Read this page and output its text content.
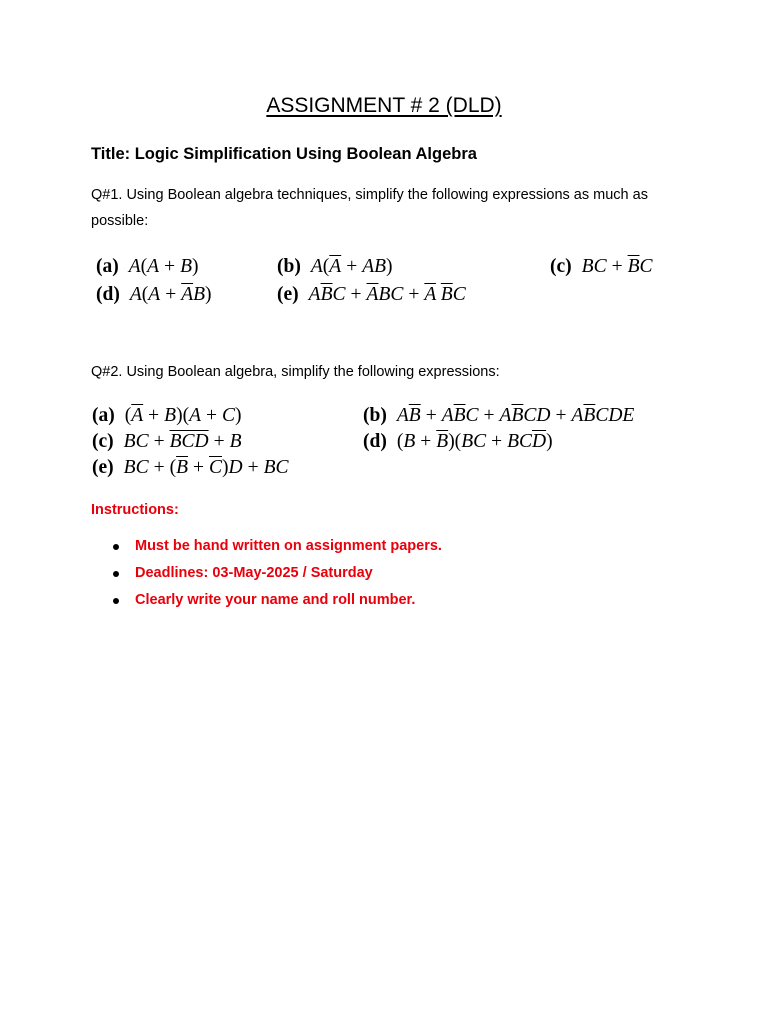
ASSIGNMENT # 2 (DLD)
Title: Logic Simplification Using Boolean Algebra
Q#1. Using Boolean algebra techniques, simplify the following expressions as much as possible:
(a) A(A + B)	(b) $A(\overline{A} + AB)$	(c) BC + $\overline{B}C$
(d) $A(A + \overline{A}B)$	(e) $A\overline{B}C + \overline{A}BC + \overline{A}$ $\overline{B}C$
Q#2. Using Boolean algebra, simplify the following expressions:
(a) $(\overline{A} + B)(A + C)$	(b) $A\overline{B} + A\overline{B}C + A\overline{B}CD + A\overline{B}CDE$
(c) BC + $\overline{BCD} + B$	(d) $(B + \overline{B})(BC + BC\overline{D})$
(e) BC + $(\overline{B} + \overline{C})D$ + BC
Instructions:
Must be hand written on assignment papers.
Deadlines: 03-May-2025 / Saturday
Clearly write your name and roll number.
